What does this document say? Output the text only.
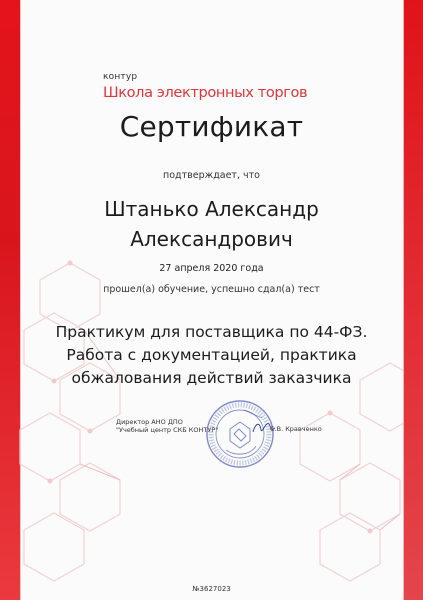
контур
Школа электронных торгов
Сертификат
подтверждает, что
Штанько Александр
Александрович
27 апреля 2020 года
прошел(а) обучение, успешно сдал(а) тест
Практикум для поставщика по 44-ФЗ.
Работа с документацией, практика
обжалования действий заказчика
Директор АНО ДПО
"Учебный центр СКБ КОНТУР"	С.В. Кравченко
№3627023
